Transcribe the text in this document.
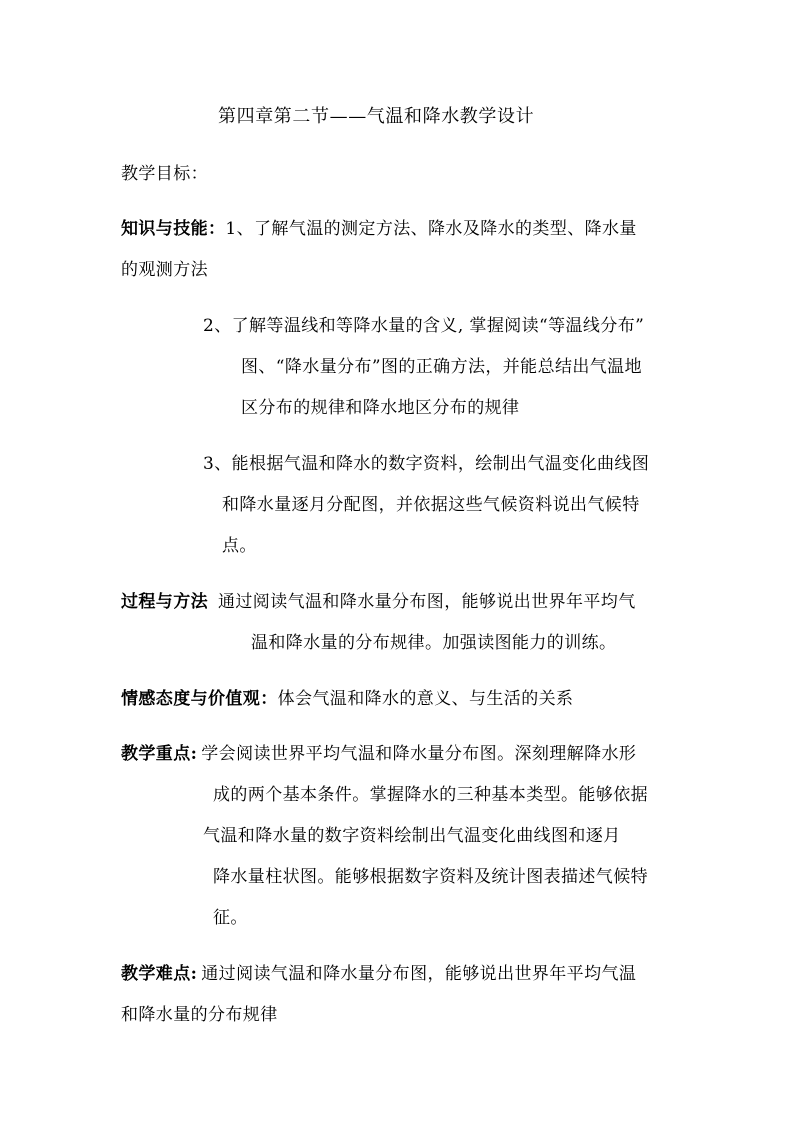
第四章第二节——气温和降水教学设计
教学目标：
知识与技能：1、了解气温的测定方法、降水及降水的类型、降水量
的观测方法
2、了解等温线和等降水量的含义, 掌握阅读“等温线分布”
图、“降水量分布”图的正确方法，并能总结出气温地
区分布的规律和降水地区分布的规律
3、能根据气温和降水的数字资料，绘制出气温变化曲线图
和降水量逐月分配图，并依据这些气候资料说出气候特
点。
过程与方法 通过阅读气温和降水量分布图，能够说出世界年平均气
温和降水量的分布规律。加强读图能力的训练。
情感态度与价值观：体会气温和降水的意义、与生活的关系
教学重点: 学会阅读世界平均气温和降水量分布图。深刻理解降水形
成的两个基本条件。掌握降水的三种基本类型。能够依据
气温和降水量的数字资料绘制出气温变化曲线图和逐月
降水量柱状图。能够根据数字资料及统计图表描述气候特
征。
教学难点: 通过阅读气温和降水量分布图，能够说出世界年平均气温
和降水量的分布规律
